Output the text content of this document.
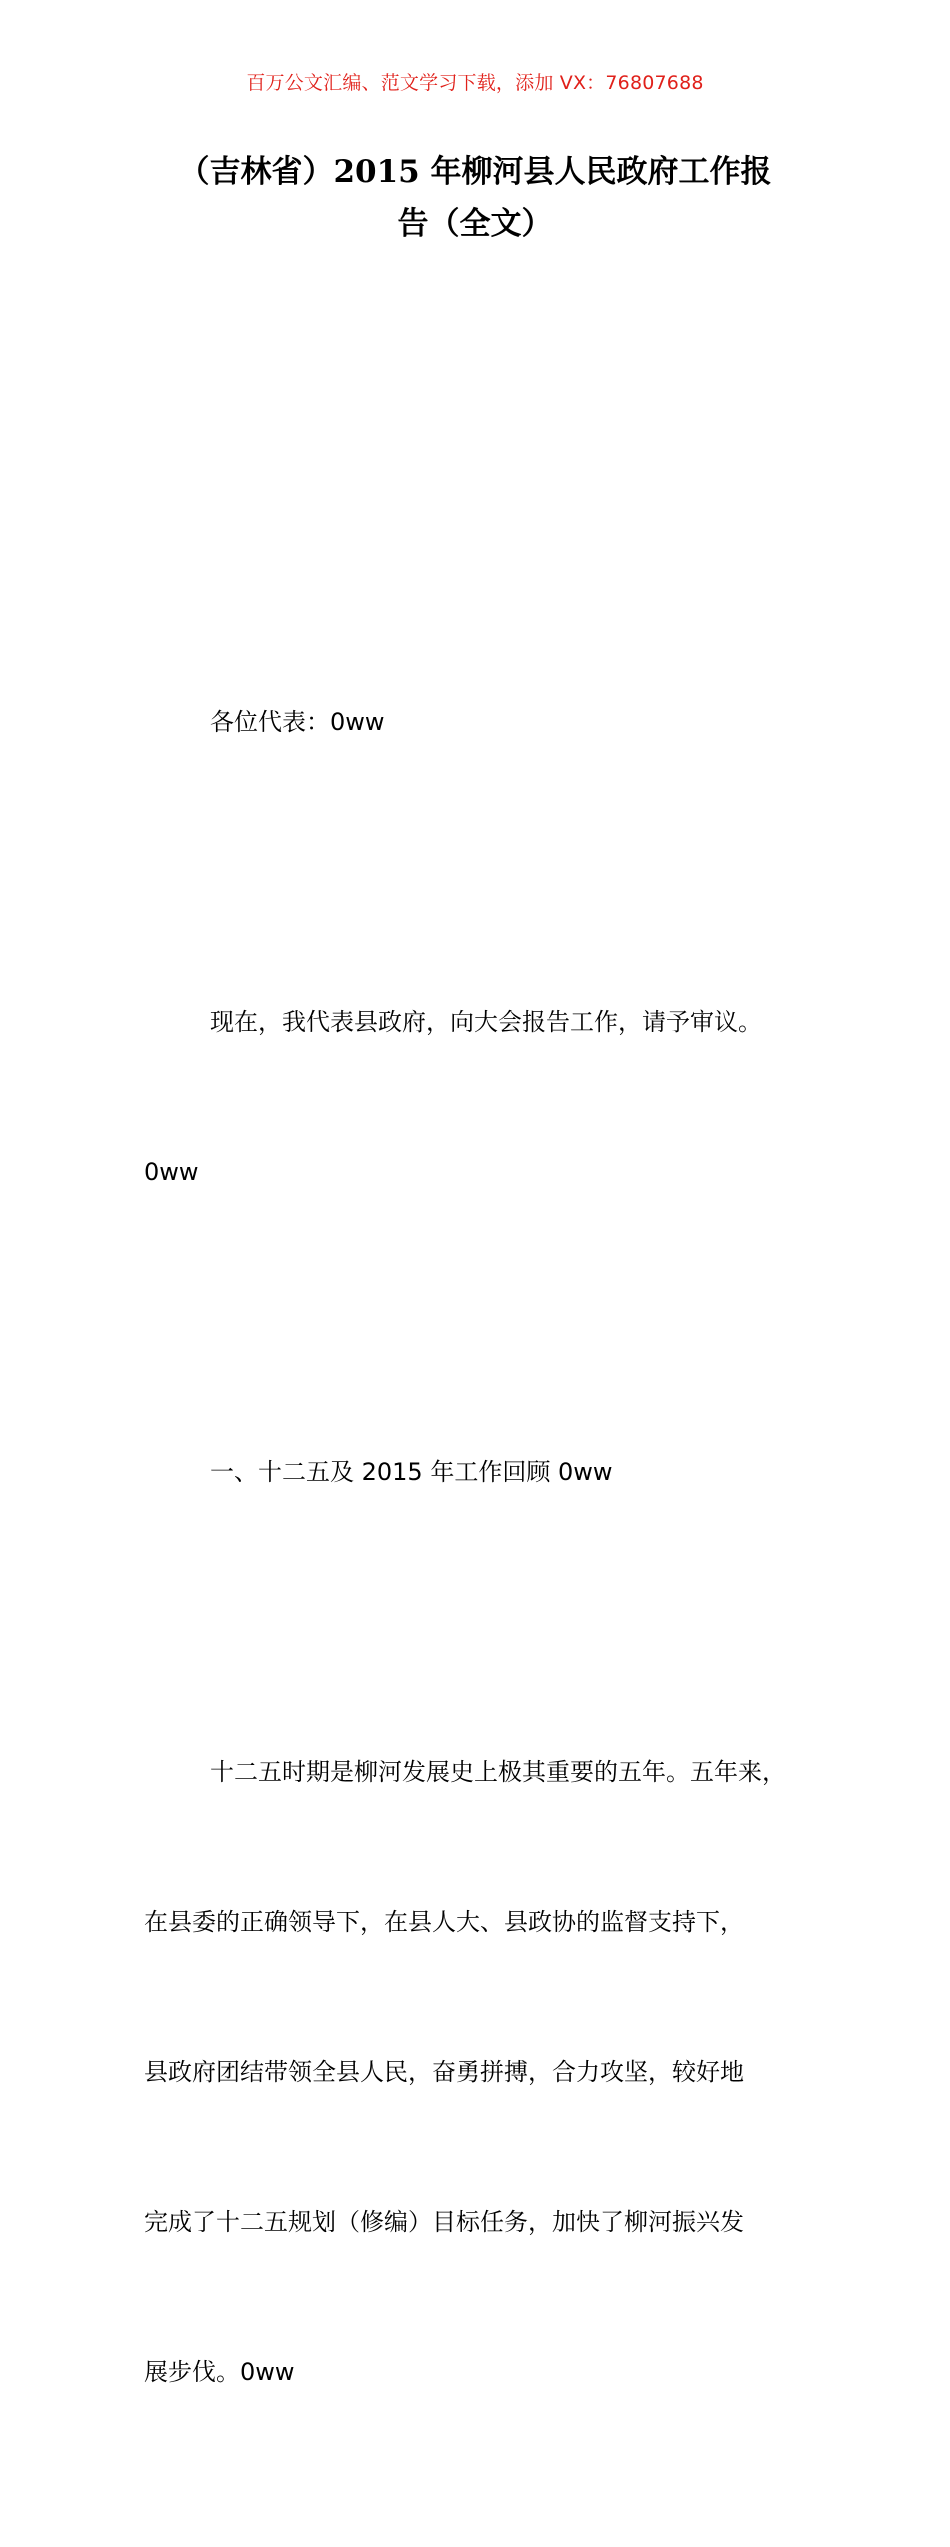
百万公文汇编、范文学习下载，添加 VX：76807688
（吉林省）2015 年柳河县人民政府工作报
告（全文）

各位代表：0ww

现在，我代表县政府，向大会报告工作，请予审议。

0ww

一、十二五及 2015 年工作回顾 0ww

十二五时期是柳河发展史上极其重要的五年。五年来，

在县委的正确领导下，在县人大、县政协的监督支持下，

县政府团结带领全县人民，奋勇拼搏，合力攻坚，较好地

完成了十二五规划（修编）目标任务，加快了柳河振兴发

展步伐。0ww
